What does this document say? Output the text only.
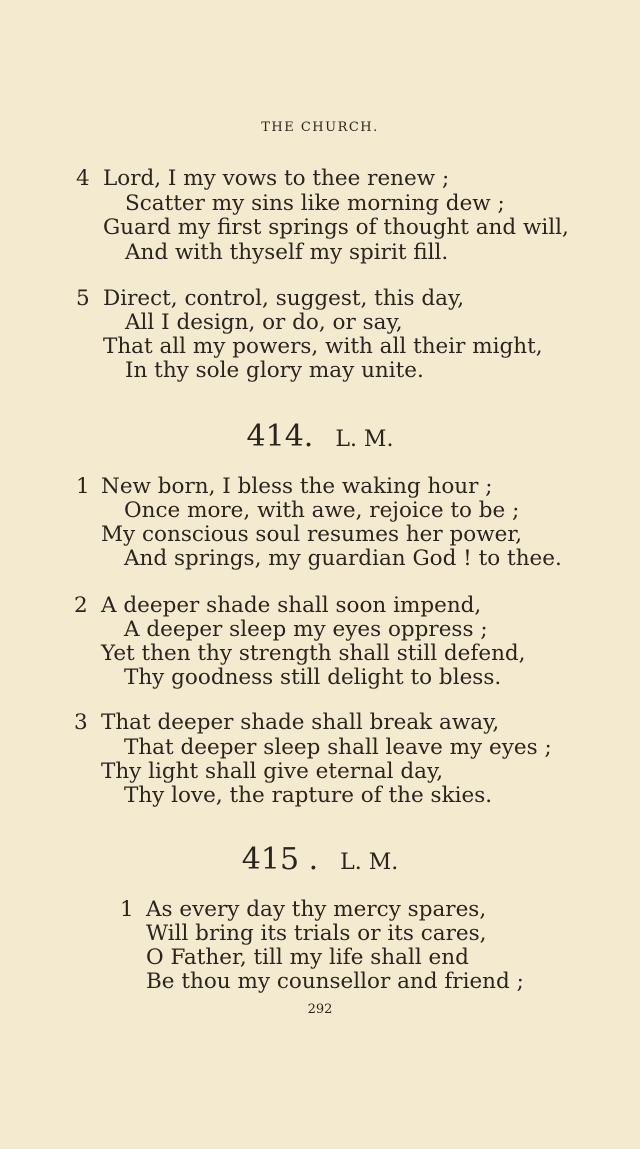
THE CHURCH.
4 Lord, I my vows to thee renew ;
Scatter my sins like morning dew ;
Guard my first springs of thought and will,
And with thyself my spirit fill.
5 Direct, control, suggest, this day,
All I design, or do, or say,
That all my powers, with all their might,
In thy sole glory may unite.
414. L. M.
1 New born, I bless the waking hour ;
Once more, with awe, rejoice to be ;
My conscious soul resumes her power,
And springs, my guardian God ! to thee.
2 A deeper shade shall soon impend,
A deeper sleep my eyes oppress ;
Yet then thy strength shall still defend,
Thy goodness still delight to bless.
3 That deeper shade shall break away,
That deeper sleep shall leave my eyes ;
Thy light shall give eternal day,
Thy love, the rapture of the skies.
415 . L. M.
1 As every day thy mercy spares,
Will bring its trials or its cares,
O Father, till my life shall end
Be thou my counsellor and friend ;
292
